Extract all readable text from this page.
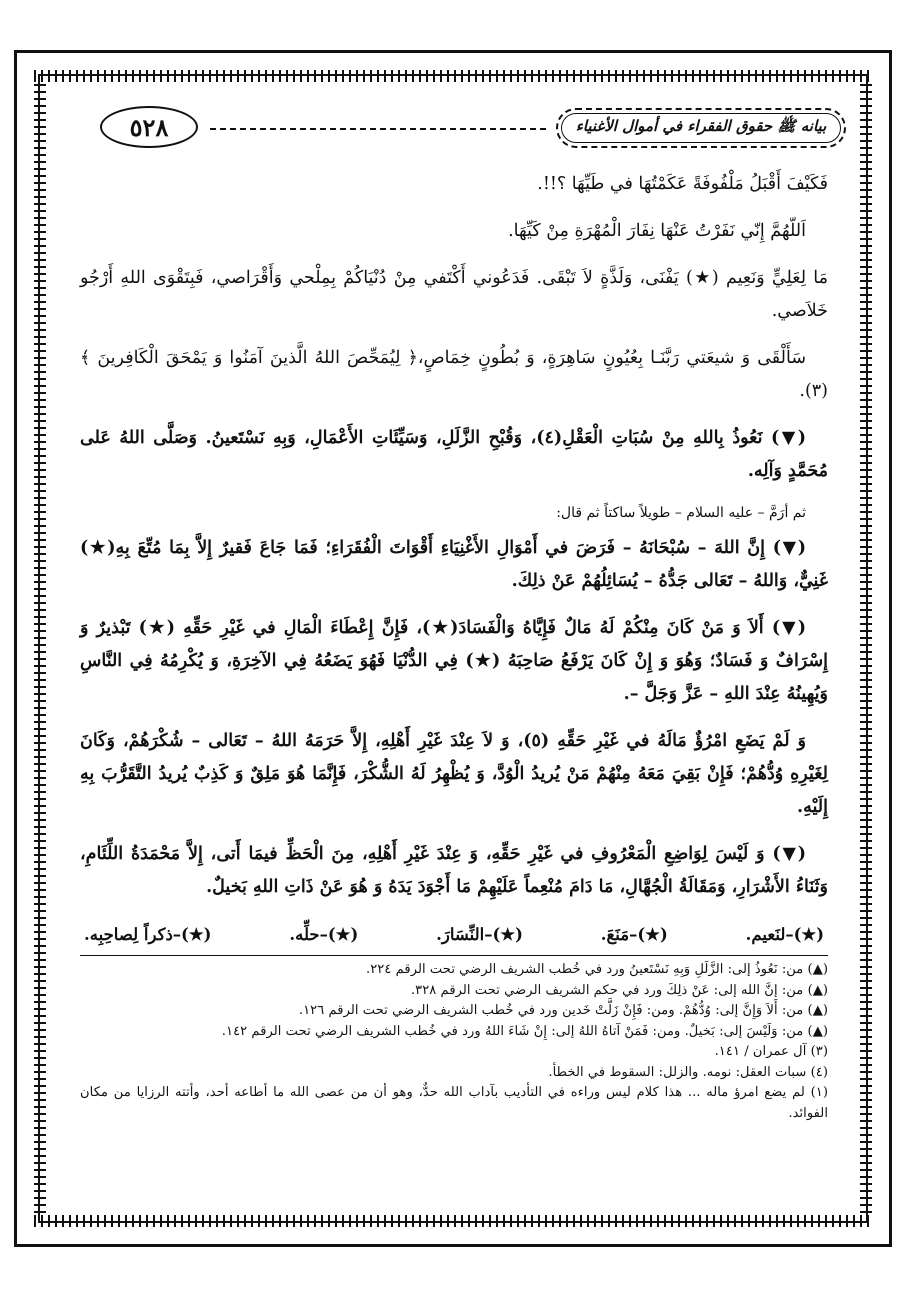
بيانه ﷺ حقوق الفقراء في أموال الأغنياء
٥٢٨

فَكَيْفَ أَقْبَلُ مَلْفُوفَةً عَكَمْتُهَا في طَيِّهَا ؟!!.

اَللّهُمَّ إِنّي نَفَرْتُ عَنْهَا نِفَارَ الْمُهْرَةِ مِنْ كَيِّهَا.

مَا لِعَلِيٍّ وَنَعِيم (★) يَفْنَى، وَلَذَّةٍ لاَ تَبْقَى. فَدَعُوني أَكْتَفي مِنْ دُنْيَاكُمْ بِمِلْحي وَأَقْرَاصي، فَبِتَقْوَى اللهِ أَرْجُو خَلاَصي.

سَأَلْقَى وَ شيعَتي رَبَّنَـا بِعُيُونٍ سَاهِرَةٍ، وَ بُطُونٍ خِمَاصٍ،﴿ لِيُمَحِّصَ اللهُ الَّذينَ آمَنُوا وَ يَمْحَقَ الْكَافِرينَ ﴾(٣).

(▼) نَعُوذُ بِاللهِ مِنْ سُبَاتِ الْعَقْلِ(٤)، وَقُبْحِ الزَّلَلِ، وَسَيِّئَاتِ الأَعْمَالِ، وَبِهِ نَسْتَعينُ. وَصَلَّى اللهُ عَلى مُحَمَّدٍ وَآلِه.

ثم أرَمَّ – عليه السلام – طويلاً ساكتاً ثم قال:

(▼) إِنَّ اللهَ – سُبْحَانَهُ – فَرَضَ في أَمْوَالِ الأَغْنِيَاءِ أَقْوَاتَ الْفُقَرَاءِ؛ فَمَا جَاعَ فَقيرٌ إِلاَّ بِمَا مُتِّعَ بِهِ(★) غَنِيٌّ، وَاللهُ – تَعَالى جَدُّهُ – يُسَائِلُهُمْ عَنْ ذلِكَ.

(▼) أَلاَ وَ مَنْ كَانَ مِنْكُمْ لَهُ مَالٌ فَإِيَّاهُ وَالْفَسَادَ(★)، فَإِنَّ إِعْطَاءَ الْمَالِ في غَيْرِ حَقِّهِ (★) تَبْذيرٌ وَ إِسْرَافٌ وَ فَسَادٌ؛ وَهُوَ وَ إِنْ كَانَ يَرْفَعُ صَاحِبَهُ (★) فِي الدُّنْيَا فَهُوَ يَضَعُهُ فِي الآخِرَةِ، وَ يُكْرِمُهُ فِي النَّاسِ وَيُهِينُهُ عِنْدَ اللهِ – عَزَّ وَجَلَّ –.

وَ لَمْ يَضَعِ امْرُؤٌ مَالَهُ في غَيْرِ حَقِّهِ (٥)، وَ لاَ عِنْدَ غَيْرِ أَهْلِهِ، إِلاَّ حَرَمَهُ اللهُ – تَعَالى – شُكْرَهُمْ، وَكَانَ لِغَيْرِهِ وُدُّهُمْ؛ فَإِنْ بَقِيَ مَعَهُ مِنْهُمْ مَنْ يُريدُ الْوُدَّ، وَ يُظْهِرُ لَهُ الشُّكْرَ، فَإِنَّمَا هُوَ مَلِقٌ وَ كَذِبٌ يُريدُ التَّقَرُّبَ بِهِ إِلَيْهِ.

(▼) وَ لَيْسَ لِوَاضِعِ الْمَعْرُوفِ في غَيْرِ حَقِّهِ، وَ عِنْدَ غَيْرِ أَهْلِهِ، مِنَ الْحَظِّ فيمَا أَتى، إِلاَّ مَحْمَدَةُ اللِّئَامِ، وَثَنَاءُ الأَشْرَارِ، وَمَقَالَةُ الْجُهَّالِ، مَا دَامَ مُنْعِماً عَلَيْهِمْ مَا أَجْوَدَ يَدَهُ وَ هُوَ عَنْ ذَاتِ اللهِ بَخيلٌ.

(★)–لنَعيم.
(★)–مَنَعَ.
(★)–النِّسَارَ.
(★)–حلِّه.
(★)–ذكراً لِصاحِبِه.
(▲) من: نَعُوذُ إلى: الزَّلَلِ وَبِهِ نَسْتَعينُ ورد في خُطب الشريف الرضي تحت الرقم ٢٢٤.
(▲) من: إنَّ الله إلى: عَنْ ذلِكَ ورد في حكم الشريف الرضي تحت الرقم ٣٢٨.
(▲) من: أَلاَ وَإِنَّ إلى: وُدُّهُمْ. ومن: فَإِنْ زَلَّتْ خَدين ورد في خُطب الشريف الرضي تحت الرقم ١٢٦.
(▲) من: وَلَيْسَ إلى: بَخيلٌ. ومن: فَمَنْ آتاهُ اللهُ إلى: إِنْ شَاءَ اللهُ ورد في خُطب الشريف الرضي تحت الرقم ١٤٢.
(٣) آل عمران / ١٤١.
(٤) سبات العقل: نومه. والزلل: السقوط في الخطأ.
(١) لم يضع امرؤ ماله ... هذا كلام ليس وراءه في التأديب بآداب الله حدٌّ، وهو أن من عصى الله ما أطاعه أحد، وأتته الرزايا من مكان الفوائد.
